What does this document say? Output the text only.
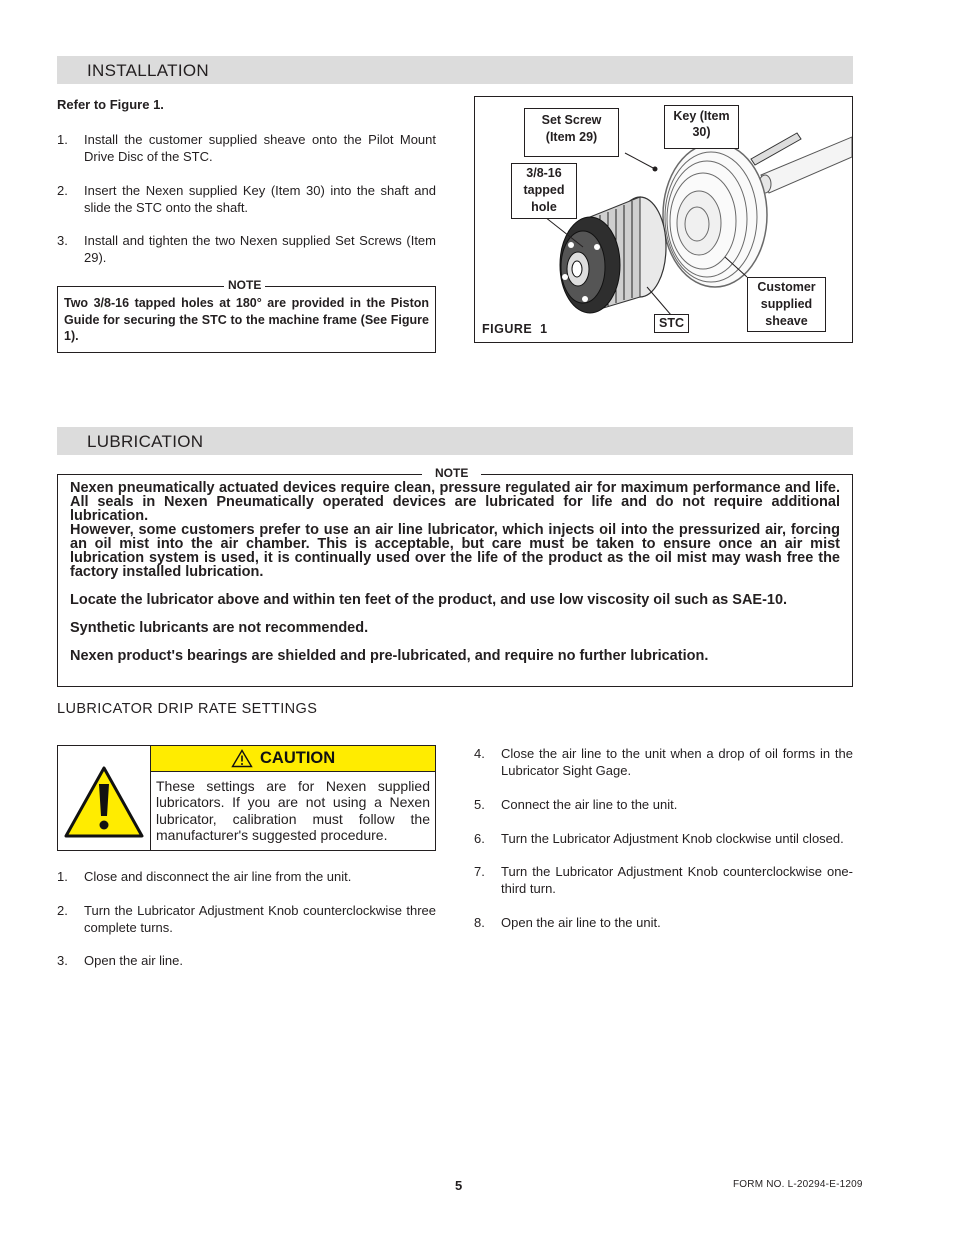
INSTALLATION
Refer to Figure 1.
1. Install the customer supplied sheave onto the Pilot Mount Drive Disc of the STC.
2. Insert the Nexen supplied Key (Item 30) into the shaft and slide the STC onto the shaft.
3. Install and tighten the two Nexen supplied Set Screws (Item 29).
NOTE
Two 3/8-16 tapped holes at 180° are provided in the Piston Guide for securing the STC to the machine frame (See Figure 1).
Set Screw (Item 29)
Key (Item 30)
3/8-16 tapped hole
STC
Customer supplied sheave
FIGURE  1
LUBRICATION
NOTE
Nexen pneumatically actuated devices require clean, pressure regulated air for maximum performance and life. All seals in Nexen Pneumatically operated devices are lubricated for life and do not require additional lubrication.
However, some customers prefer to use an air line lubricator, which injects oil into the pressurized air, forcing an oil mist into the air chamber. This is acceptable, but care must be taken to ensure once an air mist lubrication system is used, it is continually used over the life of the product as the oil mist may wash free the factory installed lubrication.
Locate the lubricator above and within ten feet of the product, and use low viscosity oil such as SAE-10.
Synthetic lubricants are not recommended.
Nexen product's bearings are shielded and pre-lubricated, and require no further lubrication.
LUBRICATOR DRIP RATE SETTINGS
CAUTION
These settings are for Nexen supplied lubricators. If you are not using a Nexen lubricator, calibration must follow the manufacturer's suggested procedure.
1. Close and disconnect the air line from the unit.
2. Turn the Lubricator Adjustment Knob counterclockwise three complete turns.
3. Open the air line.
4. Close the air line to the unit when a drop of oil forms in the Lubricator Sight Gage.
5. Connect the air line to the unit.
6. Turn the Lubricator Adjustment Knob clockwise until closed.
7. Turn the Lubricator Adjustment Knob counterclockwise one-third turn.
8. Open the air line to the unit.
5	FORM NO. L-20294-E-1209
